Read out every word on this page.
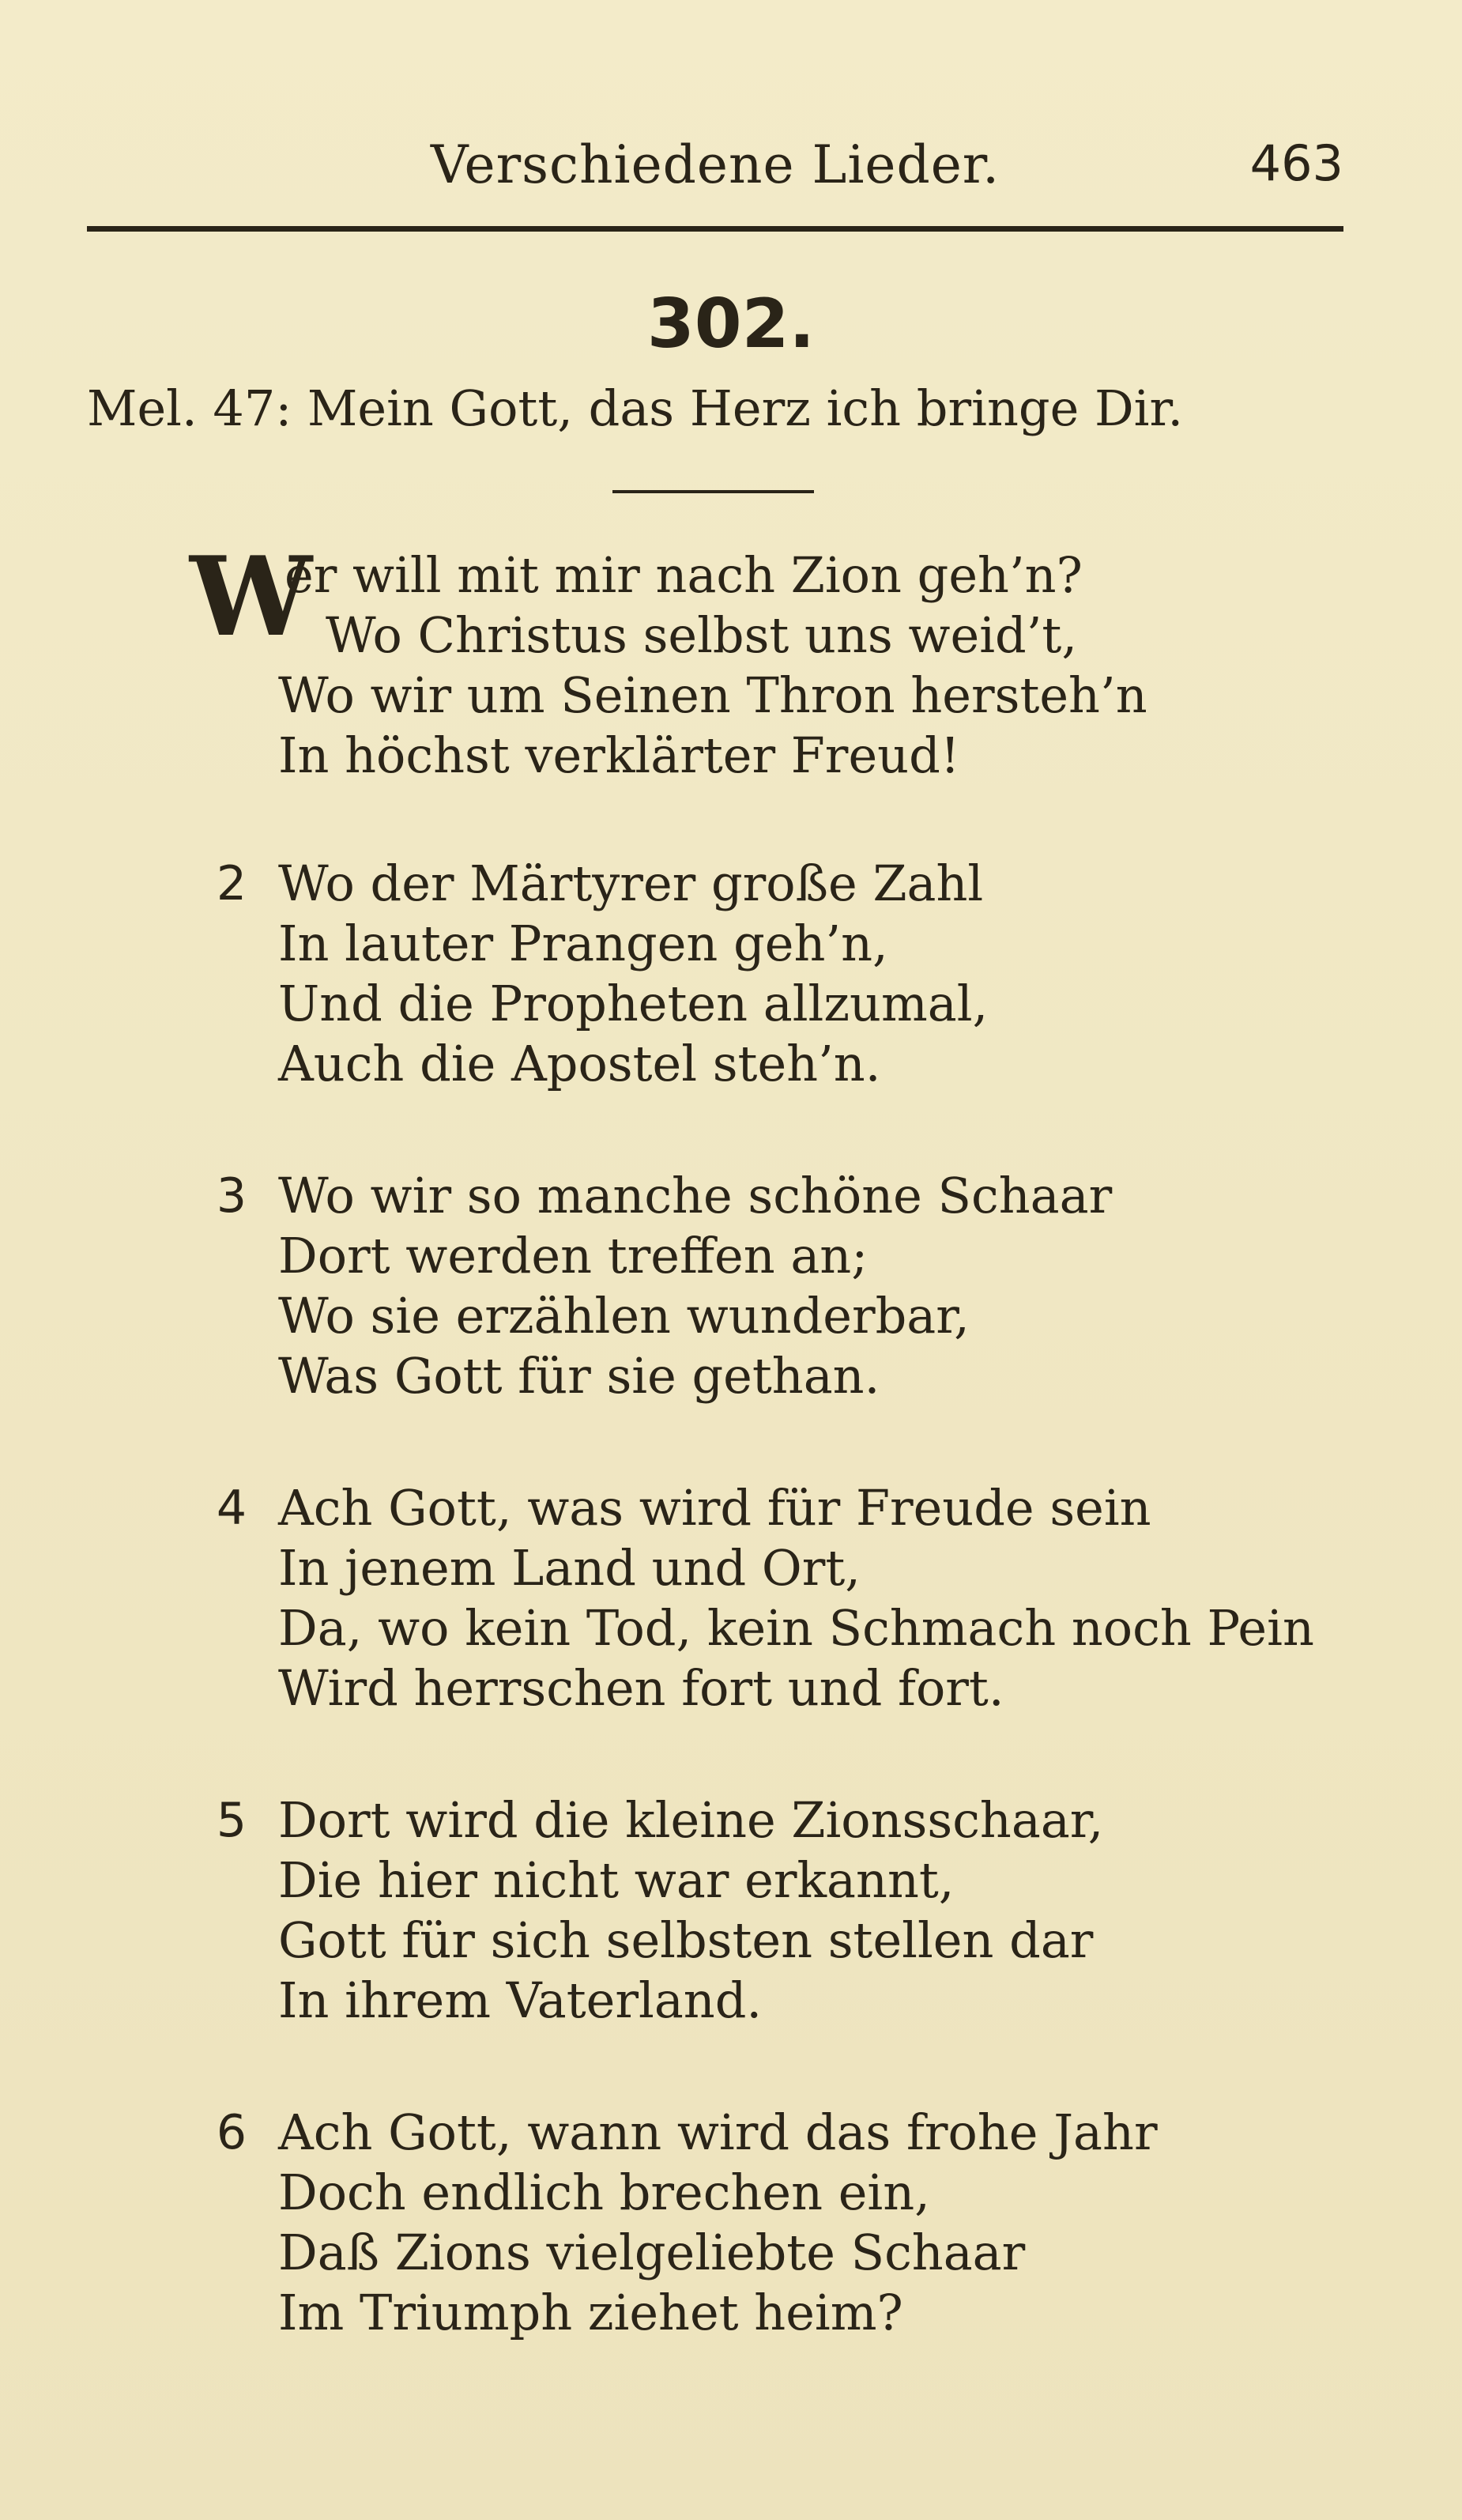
Verschiedene Lieder.	463
302.
Mel. 47: Mein Gott, das Herz ich bringe Dir.
W
er will mit mir nach Zion geh’n?
Wo Christus selbst uns weid’t,
Wo wir um Seinen Thron hersteh’n
In höchst verklärter Freud!
2 Wo der Märtyrer große Zahl
In lauter Prangen geh’n,
Und die Propheten allzumal,
Auch die Apostel steh’n.
3 Wo wir so manche schöne Schaar
Dort werden treffen an;
Wo sie erzählen wunderbar,
Was Gott für sie gethan.
4 Ach Gott, was wird für Freude sein
In jenem Land und Ort,
Da, wo kein Tod, kein Schmach noch Pein
Wird herrschen fort und fort.
5 Dort wird die kleine Zionsschaar,
Die hier nicht war erkannt,
Gott für sich selbsten stellen dar
In ihrem Vaterland.
6 Ach Gott, wann wird das frohe Jahr
Doch endlich brechen ein,
Daß Zions vielgeliebte Schaar
Im Triumph ziehet heim?
